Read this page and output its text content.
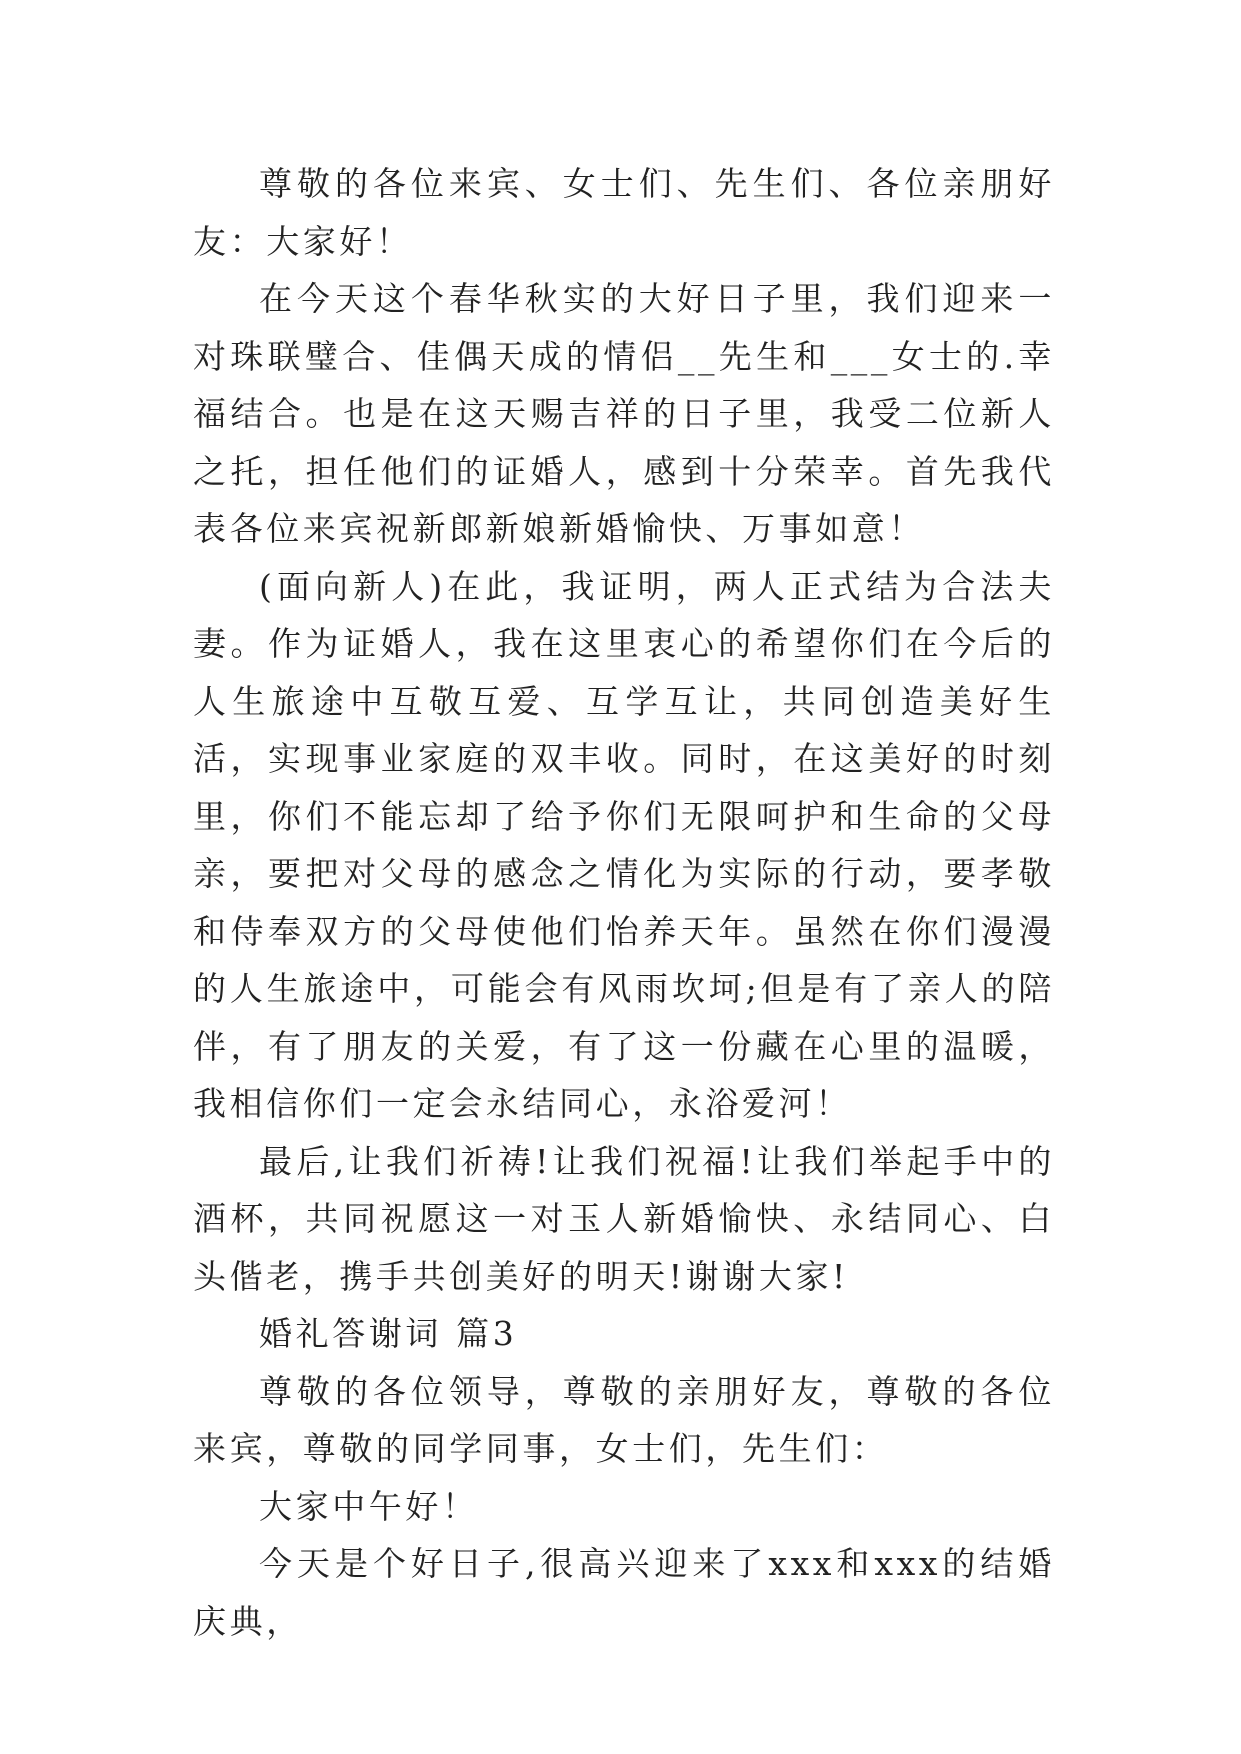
尊敬的各位来宾、女士们、先生们、各位亲朋好友：大家好！

在今天这个春华秋实的大好日子里，我们迎来一对珠联璧合、佳偶天成的情侣__先生和___女士的.幸福结合。也是在这天赐吉祥的日子里，我受二位新人之托，担任他们的证婚人，感到十分荣幸。首先我代表各位来宾祝新郎新娘新婚愉快、万事如意！

(面向新人)在此，我证明，两人正式结为合法夫妻。作为证婚人，我在这里衷心的希望你们在今后的人生旅途中互敬互爱、互学互让，共同创造美好生活，实现事业家庭的双丰收。同时，在这美好的时刻里，你们不能忘却了给予你们无限呵护和生命的父母亲，要把对父母的感念之情化为实际的行动，要孝敬和侍奉双方的父母使他们怡养天年。虽然在你们漫漫的人生旅途中，可能会有风雨坎坷;但是有了亲人的陪伴，有了朋友的关爱，有了这一份藏在心里的温暖，我相信你们一定会永结同心，永浴爱河！

最后,让我们祈祷!让我们祝福!让我们举起手中的酒杯，共同祝愿这一对玉人新婚愉快、永结同心、白头偕老，携手共创美好的明天!谢谢大家!

婚礼答谢词 篇3

尊敬的各位领导，尊敬的亲朋好友，尊敬的各位来宾，尊敬的同学同事，女士们，先生们：

大家中午好！

今天是个好日子,很高兴迎来了xxx和xxx的结婚庆典，
